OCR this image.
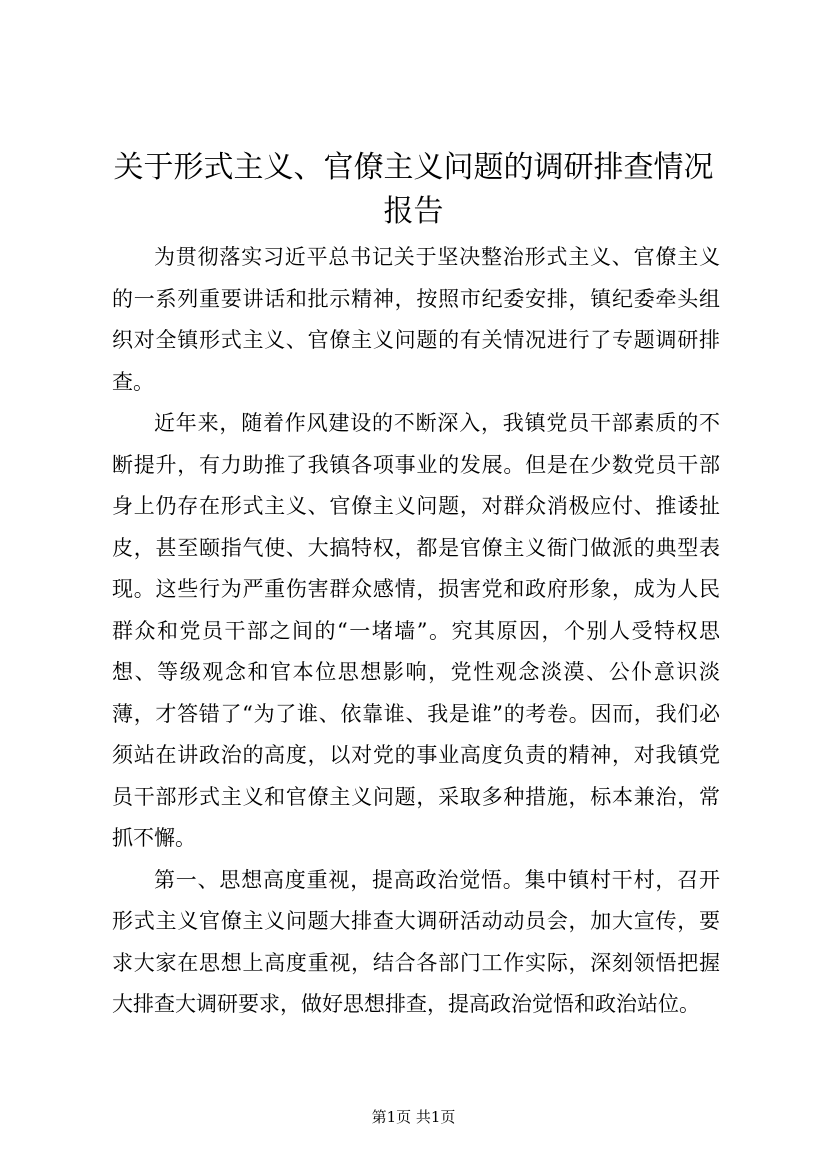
关于形式主义、官僚主义问题的调研排查情况
报告

为贯彻落实习近平总书记关于坚决整治形式主义、官僚主义的一系列重要讲话和批示精神，按照市纪委安排，镇纪委牵头组织对全镇形式主义、官僚主义问题的有关情况进行了专题调研排查。

近年来，随着作风建设的不断深入，我镇党员干部素质的不断提升，有力助推了我镇各项事业的发展。但是在少数党员干部身上仍存在形式主义、官僚主义问题，对群众消极应付、推诿扯皮，甚至颐指气使、大搞特权，都是官僚主义衙门做派的典型表现。这些行为严重伤害群众感情，损害党和政府形象，成为人民群众和党员干部之间的“一堵墙”。究其原因，个别人受特权思想、等级观念和官本位思想影响，党性观念淡漠、公仆意识淡薄，才答错了“为了谁、依靠谁、我是谁”的考卷。因而，我们必须站在讲政治的高度，以对党的事业高度负责的精神，对我镇党员干部形式主义和官僚主义问题，采取多种措施，标本兼治，常抓不懈。

第一、思想高度重视，提高政治觉悟。集中镇村干村，召开形式主义官僚主义问题大排查大调研活动动员会，加大宣传，要求大家在思想上高度重视，结合各部门工作实际，深刻领悟把握大排查大调研要求，做好思想排查，提高政治觉悟和政治站位。

第1页 共1页
